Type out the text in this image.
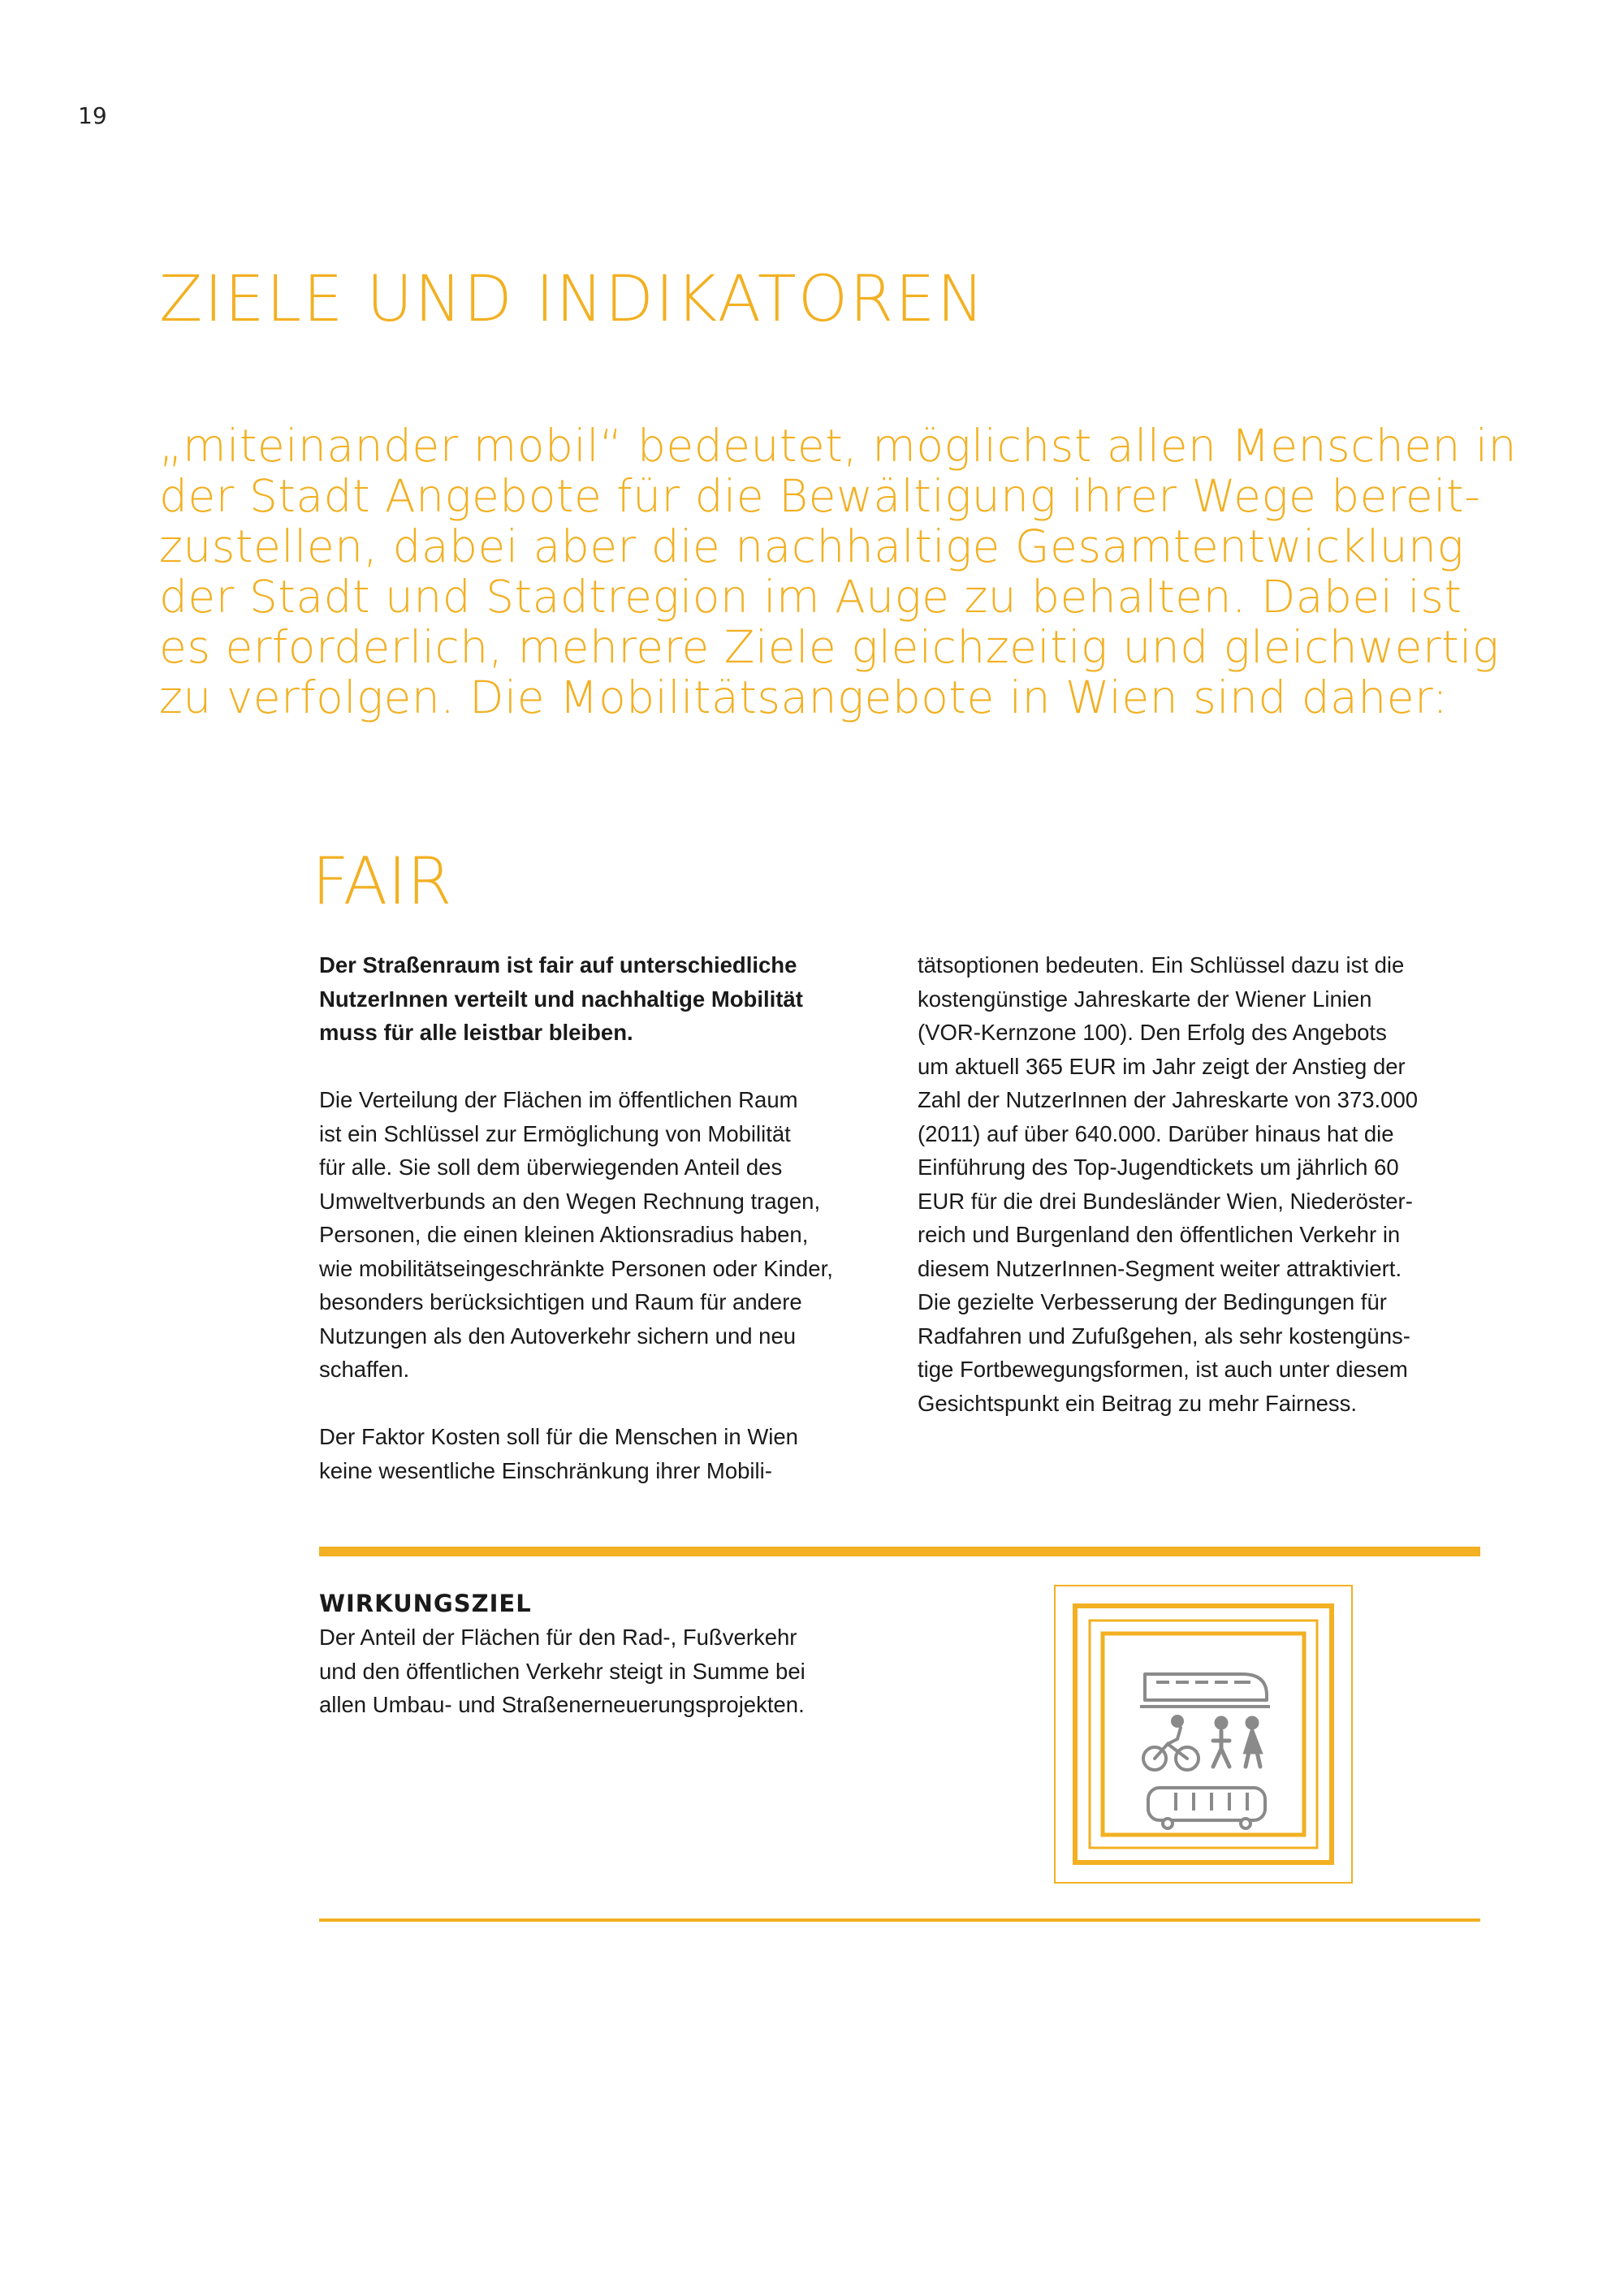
19
ZIELE UND INDIKATOREN
„miteinander mobil“ bedeutet, möglichst allen Menschen in
der Stadt Angebote für die Bewältigung ihrer Wege bereit-
zustellen, dabei aber die nachhaltige Gesamtentwicklung
der Stadt und Stadtregion im Auge zu behalten. Dabei ist
es erforderlich, mehrere Ziele gleichzeitig und gleichwertig
zu verfolgen. Die Mobilitätsangebote in Wien sind daher:
FAIR

Der Straßenraum ist fair auf unterschiedliche
NutzerInnen verteilt und nachhaltige Mobilität
muss für alle leistbar bleiben.

Die Verteilung der Flächen im öffentlichen Raum
ist ein Schlüssel zur Ermöglichung von Mobilität
für alle. Sie soll dem überwiegenden Anteil des
Umweltverbunds an den Wegen Rechnung tragen,
Personen, die einen kleinen Aktionsradius haben,
wie mobilitätseingeschränkte Personen oder Kinder,
besonders berücksichtigen und Raum für andere
Nutzungen als den Autoverkehr sichern und neu
schaffen.

Der Faktor Kosten soll für die Menschen in Wien
keine wesentliche Einschränkung ihrer Mobili-

tätsoptionen bedeuten. Ein Schlüssel dazu ist die
kostengünstige Jahreskarte der Wiener Linien
(VOR-Kernzone 100). Den Erfolg des Angebots
um aktuell 365 EUR im Jahr zeigt der Anstieg der
Zahl der NutzerInnen der Jahreskarte von 373.000
(2011) auf über 640.000. Darüber hinaus hat die
Einführung des Top-Jugendtickets um jährlich 60
EUR für die drei Bundesländer Wien, Niederöster-
reich und Burgenland den öffentlichen Verkehr in
diesem NutzerInnen-Segment weiter attraktiviert.
Die gezielte Verbesserung der Bedingungen für
Radfahren und Zufußgehen, als sehr kostengüns-
tige Fortbewegungsformen, ist auch unter diesem
Gesichtspunkt ein Beitrag zu mehr Fairness.

WIRKUNGSZIEL
Der Anteil der Flächen für den Rad-, Fußverkehr
und den öffentlichen Verkehr steigt in Summe bei
allen Umbau- und Straßenerneuerungsprojekten.
